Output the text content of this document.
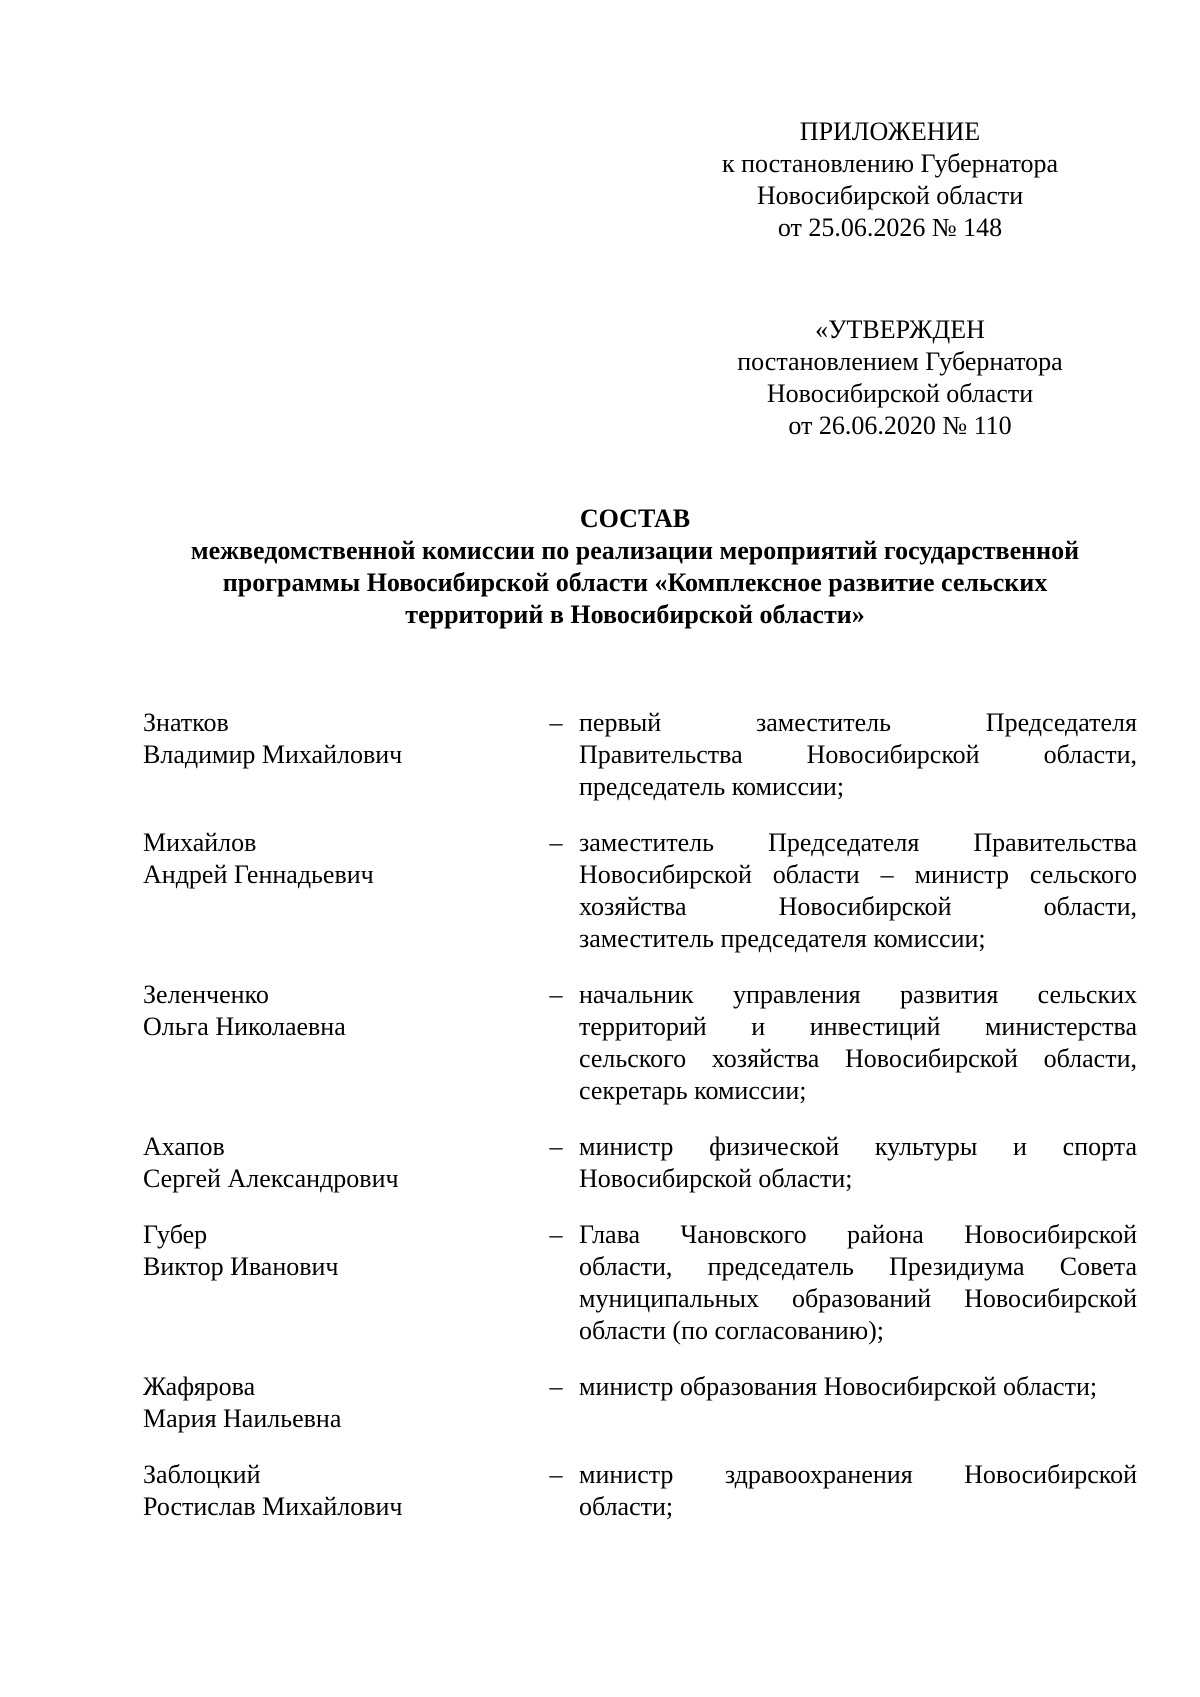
ПРИЛОЖЕНИЕ
к постановлению Губернатора
Новосибирской области
от 25.06.2026 № 148
«УТВЕРЖДЕН
постановлением Губернатора
Новосибирской области
от 26.06.2020 № 110
СОСТАВ
межведомственной комиссии по реализации мероприятий государственной
программы Новосибирской области «Комплексное развитие сельских
территорий в Новосибирской области»
Знатков
Владимир Михайлович
– первый заместитель Председателя
Правительства Новосибирской области,
председатель комиссии;
Михайлов
Андрей Геннадьевич
– заместитель Председателя Правительства
Новосибирской области – министр сельского
хозяйства Новосибирской области,
заместитель председателя комиссии;
Зеленченко
Ольга Николаевна
– начальник управления развития сельских
территорий и инвестиций министерства
сельского хозяйства Новосибирской области,
секретарь комиссии;
Ахапов
Сергей Александрович
– министр физической культуры и спорта
Новосибирской области;
Губер
Виктор Иванович
– Глава Чановского района Новосибирской
области, председатель Президиума Совета
муниципальных образований Новосибирской
области (по согласованию);
Жафярова
Мария Наильевна
– министр образования Новосибирской области;
Заблоцкий
Ростислав Михайлович
– министр здравоохранения Новосибирской
области;
